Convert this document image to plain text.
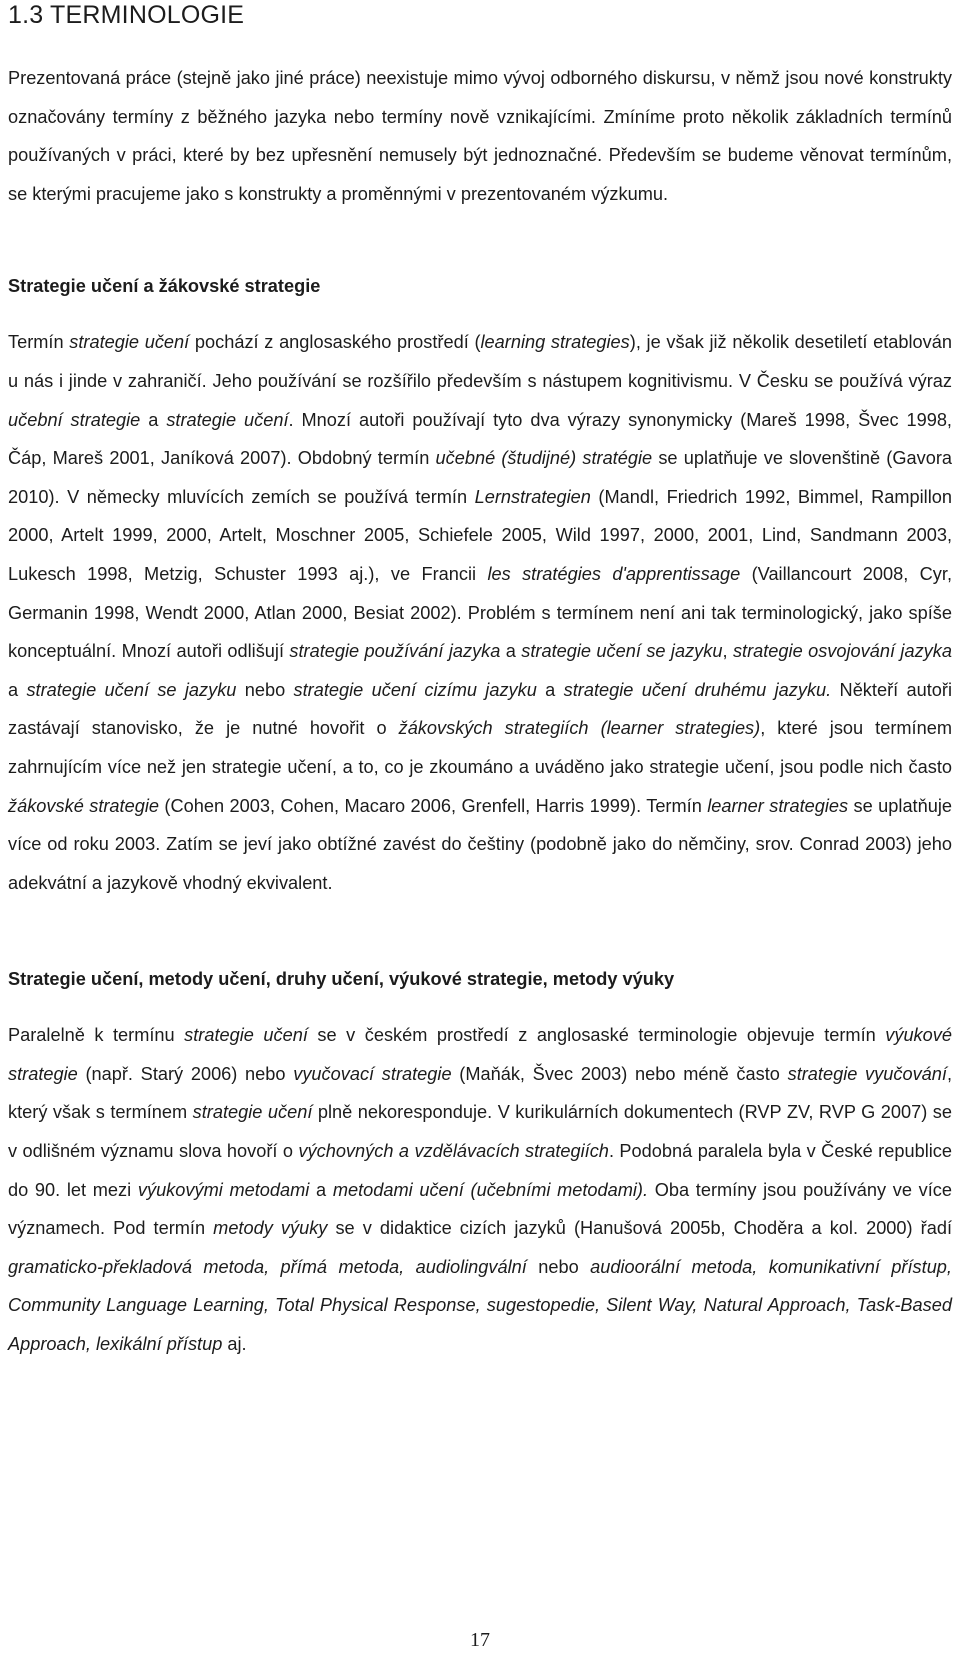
1.3 TERMINOLOGIE

Prezentovaná práce (stejně jako jiné práce) neexistuje mimo vývoj odborného diskursu, v němž jsou nové konstrukty označovány termíny z běžného jazyka nebo termíny nově vznikajícími. Zmíníme proto několik základních termínů používaných v práci, které by bez upřesnění nemusely být jednoznačné. Především se budeme věnovat termínům, se kterými pracujeme jako s konstrukty a proměnnými v prezentovaném výzkumu.

Strategie učení a žákovské strategie

Termín strategie učení pochází z anglosaského prostředí (learning strategies), je však již několik desetiletí etablován u nás i jinde v zahraničí. Jeho používání se rozšířilo především s nástupem kognitivismu. V Česku se používá výraz učební strategie a strategie učení. Mnozí autoři používají tyto dva výrazy synonymicky (Mareš 1998, Švec 1998, Čáp, Mareš 2001, Janíková 2007). Obdobný termín učebné (študijné) stratégie se uplatňuje ve slovenštině (Gavora 2010). V německy mluvících zemích se používá termín Lernstrategien (Mandl, Friedrich 1992, Bimmel, Rampillon 2000, Artelt 1999, 2000, Artelt, Moschner 2005, Schiefele 2005, Wild 1997, 2000, 2001, Lind, Sandmann 2003, Lukesch 1998, Metzig, Schuster 1993 aj.), ve Francii les stratégies d'apprentissage (Vaillancourt 2008, Cyr, Germanin 1998, Wendt 2000, Atlan 2000, Besiat 2002). Problém s termínem není ani tak terminologický, jako spíše konceptuální. Mnozí autoři odlišují strategie používání jazyka a strategie učení se jazyku, strategie osvojování jazyka a strategie učení se jazyku nebo strategie učení cizímu jazyku a strategie učení druhému jazyku. Někteří autoři zastávají stanovisko, že je nutné hovořit o žákovských strategiích (learner strategies), které jsou termínem zahrnujícím více než jen strategie učení, a to, co je zkoumáno a uváděno jako strategie učení, jsou podle nich často žákovské strategie (Cohen 2003, Cohen, Macaro 2006, Grenfell, Harris 1999). Termín learner strategies se uplatňuje více od roku 2003. Zatím se jeví jako obtížné zavést do češtiny (podobně jako do němčiny, srov. Conrad 2003) jeho adekvátní a jazykově vhodný ekvivalent.

Strategie učení, metody učení, druhy učení, výukové strategie, metody výuky

Paralelně k termínu strategie učení se v českém prostředí z anglosaské terminologie objevuje termín výukové strategie (např. Starý 2006) nebo vyučovací strategie (Maňák, Švec 2003) nebo méně často strategie vyučování, který však s termínem strategie učení plně nekoresponduje. V kurikulárních dokumentech (RVP ZV, RVP G 2007) se v odlišném významu slova hovoří o výchovných a vzdělávacích strategiích. Podobná paralela byla v České republice do 90. let mezi výukovými metodami a metodami učení (učebními metodami). Oba termíny jsou používány ve více významech. Pod termín metody výuky se v didaktice cizích jazyků (Hanušová 2005b, Choděra a kol. 2000) řadí gramaticko-překladová metoda, přímá metoda, audiolingvální nebo audioorální metoda, komunikativní přístup, Community Language Learning, Total Physical Response, sugestopedie, Silent Way, Natural Approach, Task-Based Approach, lexikální přístup aj.

17
